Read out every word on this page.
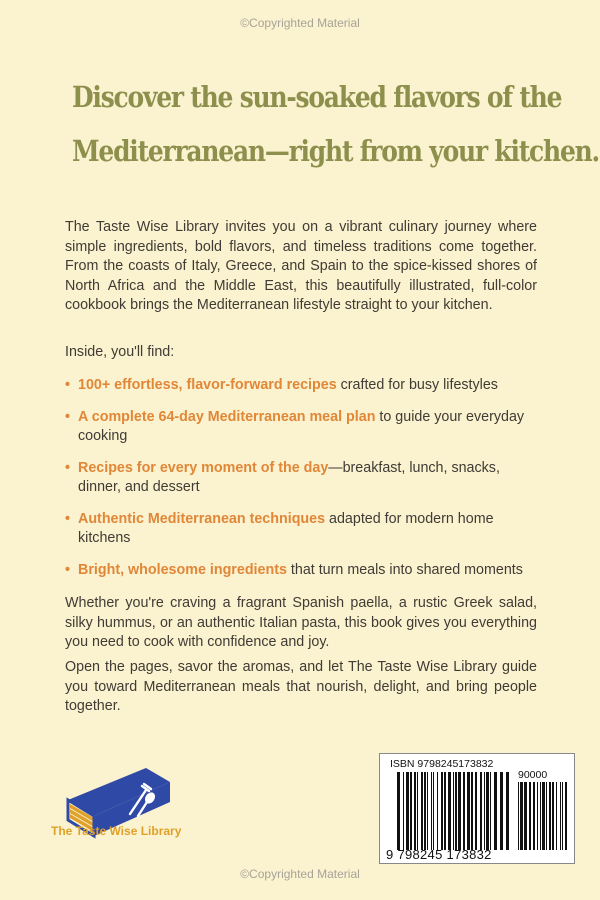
©Copyrighted Material
Discover the sun-soaked flavors of the
Mediterranean—right from your kitchen.

The Taste Wise Library invites you on a vibrant culinary journey where simple ingredients, bold flavors, and timeless traditions come together. From the coasts of Italy, Greece, and Spain to the spice-kissed shores of North Africa and the Middle East, this beautifully illustrated, full-color cookbook brings the Mediterranean lifestyle straight to your kitchen.

Inside, you'll find:

• 100+ effortless, flavor-forward recipes crafted for busy lifestyles
• A complete 64-day Mediterranean meal plan to guide your everyday cooking
• Recipes for every moment of the day—breakfast, lunch, snacks, dinner, and dessert
• Authentic Mediterranean techniques adapted for modern home kitchens
• Bright, wholesome ingredients that turn meals into shared moments

Whether you're craving a fragrant Spanish paella, a rustic Greek salad, silky hummus, or an authentic Italian pasta, this book gives you everything you need to cook with confidence and joy.

Open the pages, savor the aromas, and let The Taste Wise Library guide you toward Mediterranean meals that nourish, delight, and bring people together.

The Taste Wise Library
ISBN 9798245173832
90000
9 798245 173832
©Copyrighted Material
